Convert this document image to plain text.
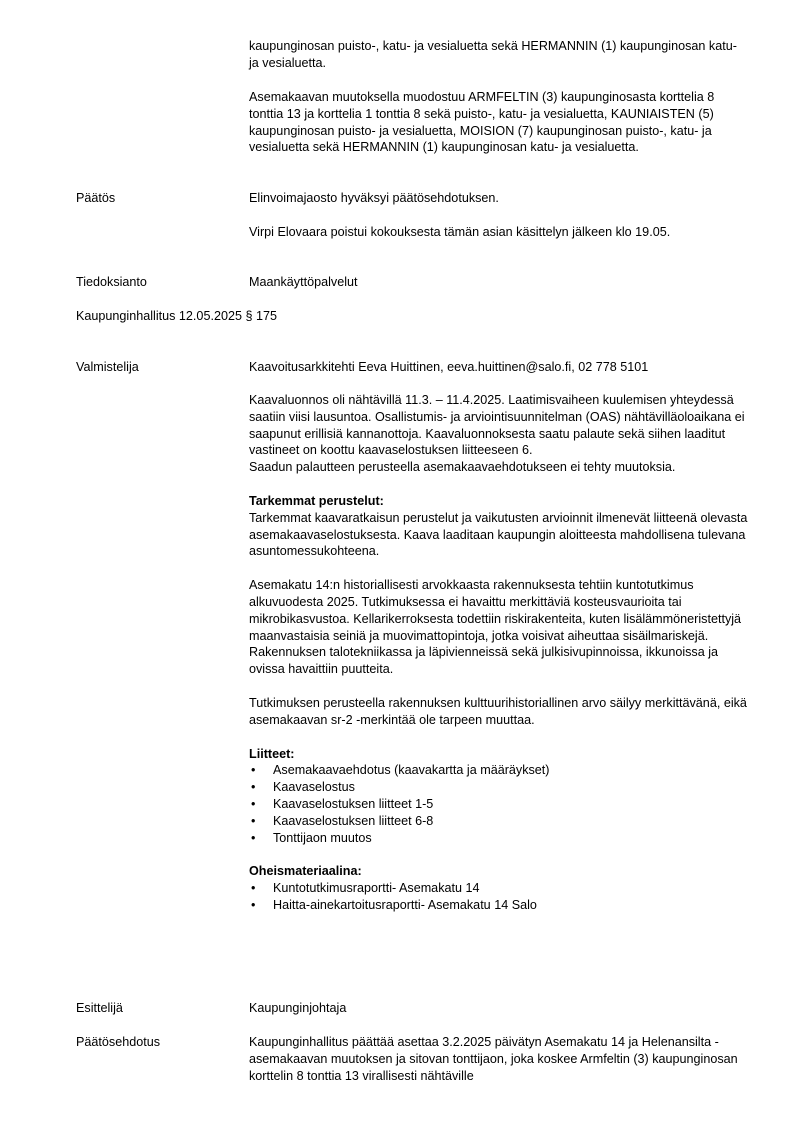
kaupunginosan puisto-, katu- ja vesialuetta sekä HERMANNIN (1) kaupunginosan katu- ja vesialuetta.

Asemakaavan muutoksella muodostuu ARMFELTIN (3) kaupunginosasta korttelia 8 tonttia 13 ja korttelia 1 tonttia 8 sekä puisto-, katu- ja vesialuetta, KAUNIAISTEN (5) kaupunginosan puisto- ja vesialuetta, MOISION (7) kaupunginosan puisto-, katu- ja vesialuetta sekä HERMANNIN (1) kaupunginosan katu- ja vesialuetta.

Päätös	Elinvoimajaosto hyväksyi päätösehdotuksen.

Virpi Elovaara poistui kokouksesta tämän asian käsittelyn jälkeen klo 19.05.

Tiedoksianto	Maankäyttöpalvelut

Kaupunginhallitus 12.05.2025 § 175

Valmistelija	Kaavoitusarkkitehti Eeva Huittinen, eeva.huittinen@salo.fi, 02 778 5101

Kaavaluonnos oli nähtävillä 11.3. – 11.4.2025. Laatimisvaiheen kuulemisen yhteydessä saatiin viisi lausuntoa. Osallistumis- ja arviointisuunnitelman (OAS) nähtävilläoloaikana ei saapunut erillisiä kannanottoja. Kaavaluonnoksesta saatu palaute sekä siihen laaditut vastineet on koottu kaavaselostuksen liitteeseen 6.

Saadun palautteen perusteella asemakaavaehdotukseen ei tehty muutoksia.

Tarkemmat perustelut:

Tarkemmat kaavaratkaisun perustelut ja vaikutusten arvioinnit ilmenevät liitteenä olevasta asemakaavaselostuksesta. Kaava laaditaan kaupungin aloitteesta mahdollisena tulevana asuntomessukohteena.

Asemakatu 14:n historiallisesti arvokkaasta rakennuksesta tehtiin kuntotutkimus alkuvuodesta 2025. Tutkimuksessa ei havaittu merkittäviä kosteusvaurioita tai mikrobikasvustoa. Kellarikerroksesta todettiin riskirakenteita, kuten lisälämmöneristettyjä maanvastaisia seiniä ja muovimattopintoja, jotka voisivat aiheuttaa sisäilmariskejä. Rakennuksen talotekniikassa ja läpivienneissä sekä julkisivupinnoissa, ikkunoissa ja ovissa havaittiin puutteita.

Tutkimuksen perusteella rakennuksen kulttuurihistoriallinen arvo säilyy merkittävänä, eikä asemakaavan sr-2 -merkintää ole tarpeen muuttaa.

Liitteet:

• Asemakaavaehdotus (kaavakartta ja määräykset)
• Kaavaselostus
• Kaavaselostuksen liitteet 1-5
• Kaavaselostuksen liitteet 6-8
• Tonttijaon muutos

Oheismateriaalina:

• Kuntotutkimusraportti- Asemakatu 14
• Haitta-ainekartoitusraportti- Asemakatu 14 Salo

Esittelijä	Kaupunginjohtaja

Päätösehdotus	Kaupunginhallitus päättää asettaa 3.2.2025 päivätyn Asemakatu 14 ja Helenansilta -asemakaavan muutoksen ja sitovan tonttijaon, joka koskee Armfeltin (3) kaupunginosan korttelin 8 tonttia 13 virallisesti nähtäville
